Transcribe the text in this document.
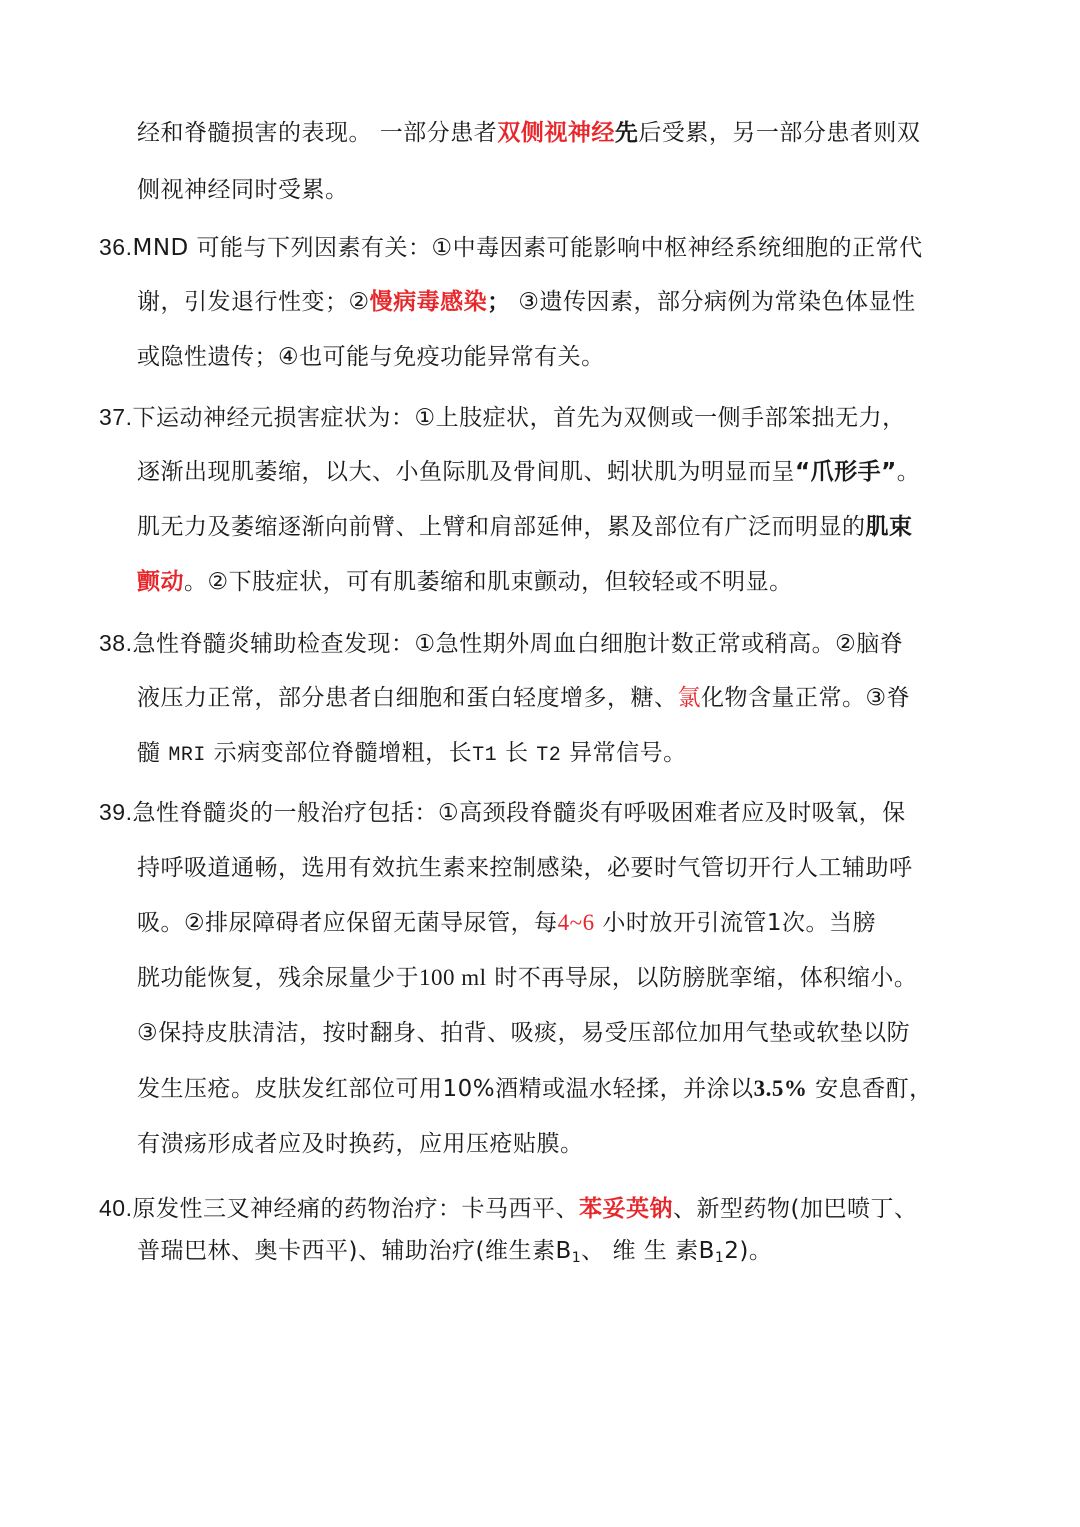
经和脊髓损害的表现。 一部分患者双侧视神经先后受累，另一部分患者则双
侧视神经同时受累。
36.MND 可能与下列因素有关：①中毒因素可能影响中枢神经系统细胞的正常代
谢，引发退行性变；②慢病毒感染； ③遗传因素，部分病例为常染色体显性
或隐性遗传；④也可能与免疫功能异常有关。
37.下运动神经元损害症状为：①上肢症状，首先为双侧或一侧手部笨拙无力，
逐渐出现肌萎缩，以大、小鱼际肌及骨间肌、蚓状肌为明显而呈“爪形手”。
肌无力及萎缩逐渐向前臂、上臂和肩部延伸，累及部位有广泛而明显的肌束
颤动。②下肢症状，可有肌萎缩和肌束颤动，但较轻或不明显。
38.急性脊髓炎辅助检查发现：①急性期外周血白细胞计数正常或稍高。②脑脊
液压力正常，部分患者白细胞和蛋白轻度增多，糖、氯化物含量正常。③脊
髓 MRI 示病变部位脊髓增粗，长T1 长 T2 异常信号。
39.急性脊髓炎的一般治疗包括：①高颈段脊髓炎有呼吸困难者应及时吸氧，保
持呼吸道通畅，选用有效抗生素来控制感染，必要时气管切开行人工辅助呼
吸。②排尿障碍者应保留无菌导尿管，每4~6 小时放开引流管1次。当膀
胱功能恢复，残余尿量少于100 ml 时不再导尿，以防膀胱挛缩，体积缩小。
③保持皮肤清洁，按时翻身、拍背、吸痰，易受压部位加用气垫或软垫以防
发生压疮。皮肤发红部位可用10%酒精或温水轻揉，并涂以3.5% 安息香酊，
有溃疡形成者应及时换药，应用压疮贴膜。
40.原发性三叉神经痛的药物治疗：卡马西平、苯妥英钠、新型药物(加巴喷丁、
普瑞巴林、奥卡西平)、辅助治疗(维生素$B_1$、 维 生 素$B_12$)。
